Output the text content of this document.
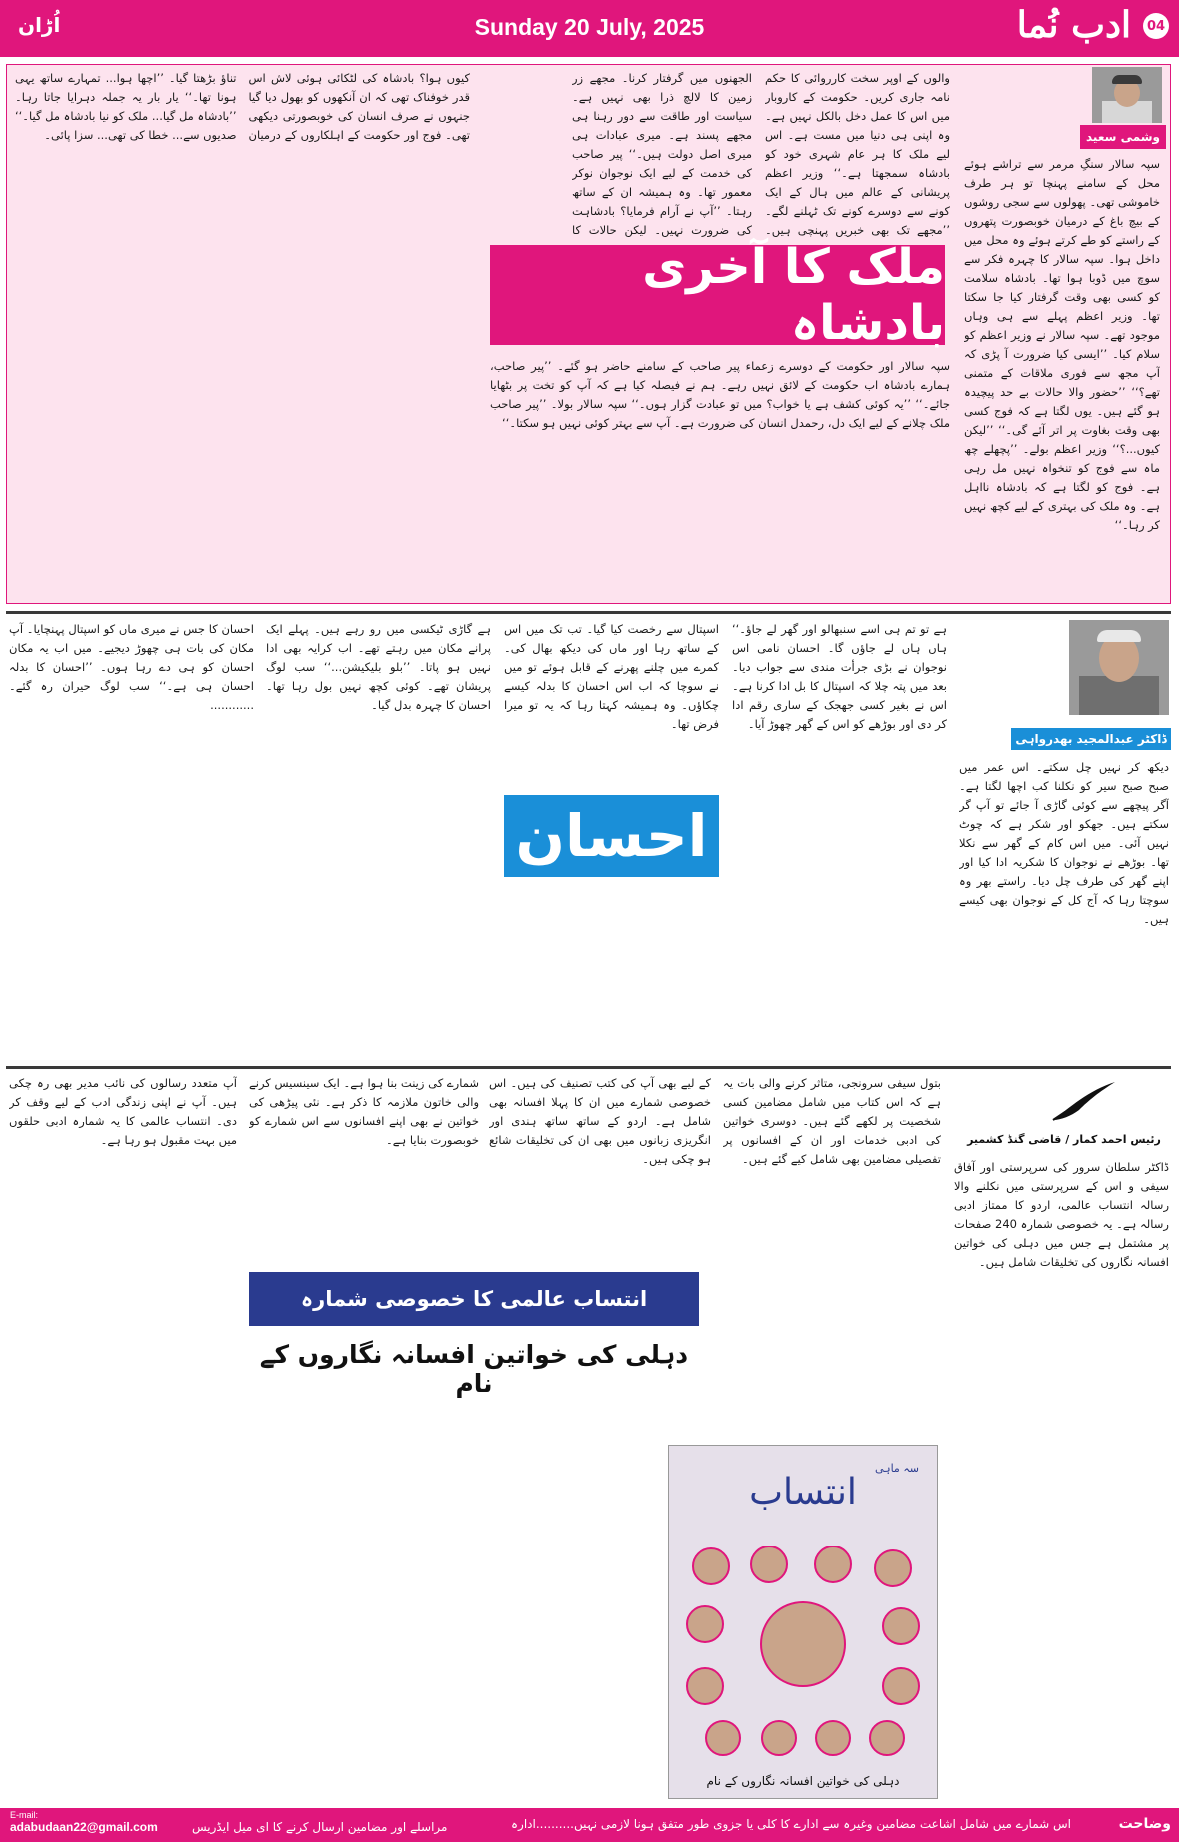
04
ادب نُما
Sunday 20 July, 2025
اُڑان
وشمی سعید
سپہ سالار سنگِ مرمر سے تراشے ہوئے محل کے سامنے پہنچا تو ہر طرف خاموشی تھی۔ پھولوں سے سجی روشوں کے بیچ باغ کے درمیان خوبصورت پتھروں کے راستے کو طے کرتے ہوئے وہ محل میں داخل ہوا۔ سپہ سالار کا چہرہ فکر سے سوچ میں ڈوبا ہوا تھا۔ بادشاہ سلامت کو کسی بھی وقت گرفتار کیا جا سکتا تھا۔ وزیر اعظم پہلے سے ہی وہاں موجود تھے۔ سپہ سالار نے وزیر اعظم کو سلام کیا۔ ’’ایسی کیا ضرورت آ پڑی کہ آپ مجھ سے فوری ملاقات کے متمنی تھے؟‘‘ ’’حضور والا حالات بے حد پیچیدہ ہو گئے ہیں۔ یوں لگتا ہے کہ فوج کسی بھی وقت بغاوت پر اتر آئے گی۔‘‘ ’’لیکن کیوں...؟‘‘ وزیر اعظم بولے۔ ’’پچھلے چھ ماہ سے فوج کو تنخواہ نہیں مل رہی ہے۔ فوج کو لگتا ہے کہ بادشاہ نااہل ہے۔ وہ ملک کی بہتری کے لیے کچھ نہیں کر رہا۔‘‘
والوں کے اوپر سخت کارروائی کا حکم نامہ جاری کریں۔ حکومت کے کاروبار میں اس کا عمل دخل بالکل نہیں ہے۔ وہ اپنی ہی دنیا میں مست ہے۔ اس لیے ملک کا ہر عام شہری خود کو بادشاہ سمجھتا ہے۔‘‘ وزیر اعظم پریشانی کے عالم میں ہال کے ایک کونے سے دوسرے کونے تک ٹہلنے لگے۔ ’’مجھے تک بھی خبریں پہنچی ہیں۔
الجھنوں میں گرفتار کرنا۔ مجھے زر زمین کا لالچ ذرا بھی نہیں ہے۔ سیاست اور طاقت سے دور رہنا ہی مجھے پسند ہے۔ میری عبادات ہی میری اصل دولت ہیں۔‘‘ پیر صاحب کی خدمت کے لیے ایک نوجوان نوکر معمور تھا۔ وہ ہمیشہ ان کے ساتھ رہتا۔ ’’آپ نے آرام فرمایا؟ بادشاہت کی ضرورت نہیں۔ لیکن حالات کا
ملک کا آخری بادشاہ
سپہ سالار اور حکومت کے دوسرے زعماء پیر صاحب کے سامنے حاضر ہو گئے۔ ’’پیر صاحب، ہمارے بادشاہ اب حکومت کے لائق نہیں رہے۔ ہم نے فیصلہ کیا ہے کہ آپ کو تخت پر بٹھایا جائے۔‘‘ ’’یہ کوئی کشف ہے یا خواب؟ میں تو عبادت گزار ہوں۔‘‘ سپہ سالار بولا۔ ’’پیر صاحب ملک چلانے کے لیے ایک دل، رحمدل انسان کی ضرورت ہے۔ آپ سے بہتر کوئی نہیں ہو سکتا۔‘‘
کیوں ہوا؟ بادشاہ کی لٹکائی ہوئی لاش اس قدر خوفناک تھی کہ ان آنکھوں کو بھول دیا گیا جنہوں نے صرف انسان کی خوبصورتی دیکھی تھی۔ فوج اور حکومت کے اہلکاروں کے درمیان تناؤ بڑھتا گیا۔ ’’اچھا ہوا... تمہارے ساتھ یہی ہونا تھا۔‘‘ یار بار یہ جملہ دہرایا جاتا رہا۔ ’’بادشاہ مل گیا... ملک کو نیا بادشاہ مل گیا۔‘‘ صدیوں سے... خطا کی تھی... سزا پائی۔
ڈاکٹر عبدالمجید بھدرواہی
دیکھ کر نہیں چل سکتے۔ اس عمر میں صبح صبح سیر کو نکلنا کب اچھا لگتا ہے۔ آگر پیچھے سے کوئی گاڑی آ جائے تو آپ گر سکتے ہیں۔ جھکو اور شکر ہے کہ چوٹ نہیں آئی۔ میں اس کام کے گھر سے نکلا تھا۔ بوڑھے نے نوجوان کا شکریہ ادا کیا اور اپنے گھر کی طرف چل دیا۔ راستے بھر وہ سوچتا رہا کہ آج کل کے نوجوان بھی کیسے ہیں۔
ہے تو تم ہی اسے سنبھالو اور گھر لے جاؤ۔‘‘ ہاں ہاں لے جاؤں گا۔ احسان نامی اس نوجوان نے بڑی جرأت مندی سے جواب دیا۔ بعد میں پتہ چلا کہ اسپتال کا بل ادا کرنا ہے۔ اس نے بغیر کسی جھجک کے ساری رقم ادا کر دی اور بوڑھے کو اس کے گھر چھوڑ آیا۔
اسپتال سے رخصت کیا گیا۔ تب تک میں اس کے ساتھ رہا اور ماں کی دیکھ بھال کی۔ کمرے میں چلنے پھرنے کے قابل ہوئے تو میں نے سوچا کہ اب اس احسان کا بدلہ کیسے چکاؤں۔ وہ ہمیشہ کہتا رہا کہ یہ تو میرا فرض تھا۔
احسان
ہے گاڑی ٹیکسی میں رو رہے ہیں۔ پہلے ایک پرانے مکان میں رہتے تھے۔ اب کرایہ بھی ادا نہیں ہو پاتا۔ ’’بلو بلیکیشن...‘‘ سب لوگ پریشان تھے۔ کوئی کچھ نہیں بول رہا تھا۔ احسان کا چہرہ بدل گیا۔
احسان کا جس نے میری ماں کو اسپتال پہنچایا۔ آپ مکان کی بات ہی چھوڑ دیجیے۔ میں اب یہ مکان احسان کو ہی دے رہا ہوں۔ ’’احسان کا بدلہ احسان ہی ہے۔‘‘ سب لوگ حیران رہ گئے۔ ............
رئیس احمد کمار / قاضی گنڈ کشمیر
ڈاکٹر سلطان سرور کی سرپرستی اور آفاق سیفی و اس کے سرپرستی میں نکلنے والا رسالہ انتساب عالمی، اردو کا ممتاز ادبی رسالہ ہے۔ یہ خصوصی شمارہ 240 صفحات پر مشتمل ہے جس میں دہلی کی خواتین افسانہ نگاروں کی تخلیقات شامل ہیں۔
بتول سیفی سرونجی، متاثر کرنے والی بات یہ ہے کہ اس کتاب میں شامل مضامین کسی شخصیت پر لکھے گئے ہیں۔ دوسری خواتین کی ادبی خدمات اور ان کے افسانوں پر تفصیلی مضامین بھی شامل کیے گئے ہیں۔
کے لیے بھی آپ کی کتب تصنیف کی ہیں۔ اس خصوصی شمارے میں ان کا پہلا افسانہ بھی شامل ہے۔ اردو کے ساتھ ساتھ ہندی اور انگریزی زبانوں میں بھی ان کی تخلیقات شائع ہو چکی ہیں۔
انتساب عالمی کا خصوصی شمارہ
دہلی کی خواتین افسانہ نگاروں کے نام
شمارے کی زینت بنا ہوا ہے۔ ایک سینسیس کرنے والی خاتون ملازمہ کا ذکر ہے۔ نئی پیڑھی کی خواتین نے بھی اپنے افسانوں سے اس شمارے کو خوبصورت بنایا ہے۔
آپ متعدد رسالوں کی نائب مدیر بھی رہ چکی ہیں۔ آپ نے اپنی زندگی ادب کے لیے وقف کر دی۔ انتساب عالمی کا یہ شمارہ ادبی حلقوں میں بہت مقبول ہو رہا ہے۔
سہ ماہی
انتساب
دہلی کی خواتین افسانہ نگاروں کے نام
وضاحت
اس شمارے میں شامل اشاعت مضامین وغیرہ سے ادارے کا کلی یا جزوی طور متفق ہونا لازمی نہیں..........ادارہ
مراسلے اور مضامین ارسال کرنے کا ای میل ایڈریس
E-mail:
adabudaan22@gmail.com
